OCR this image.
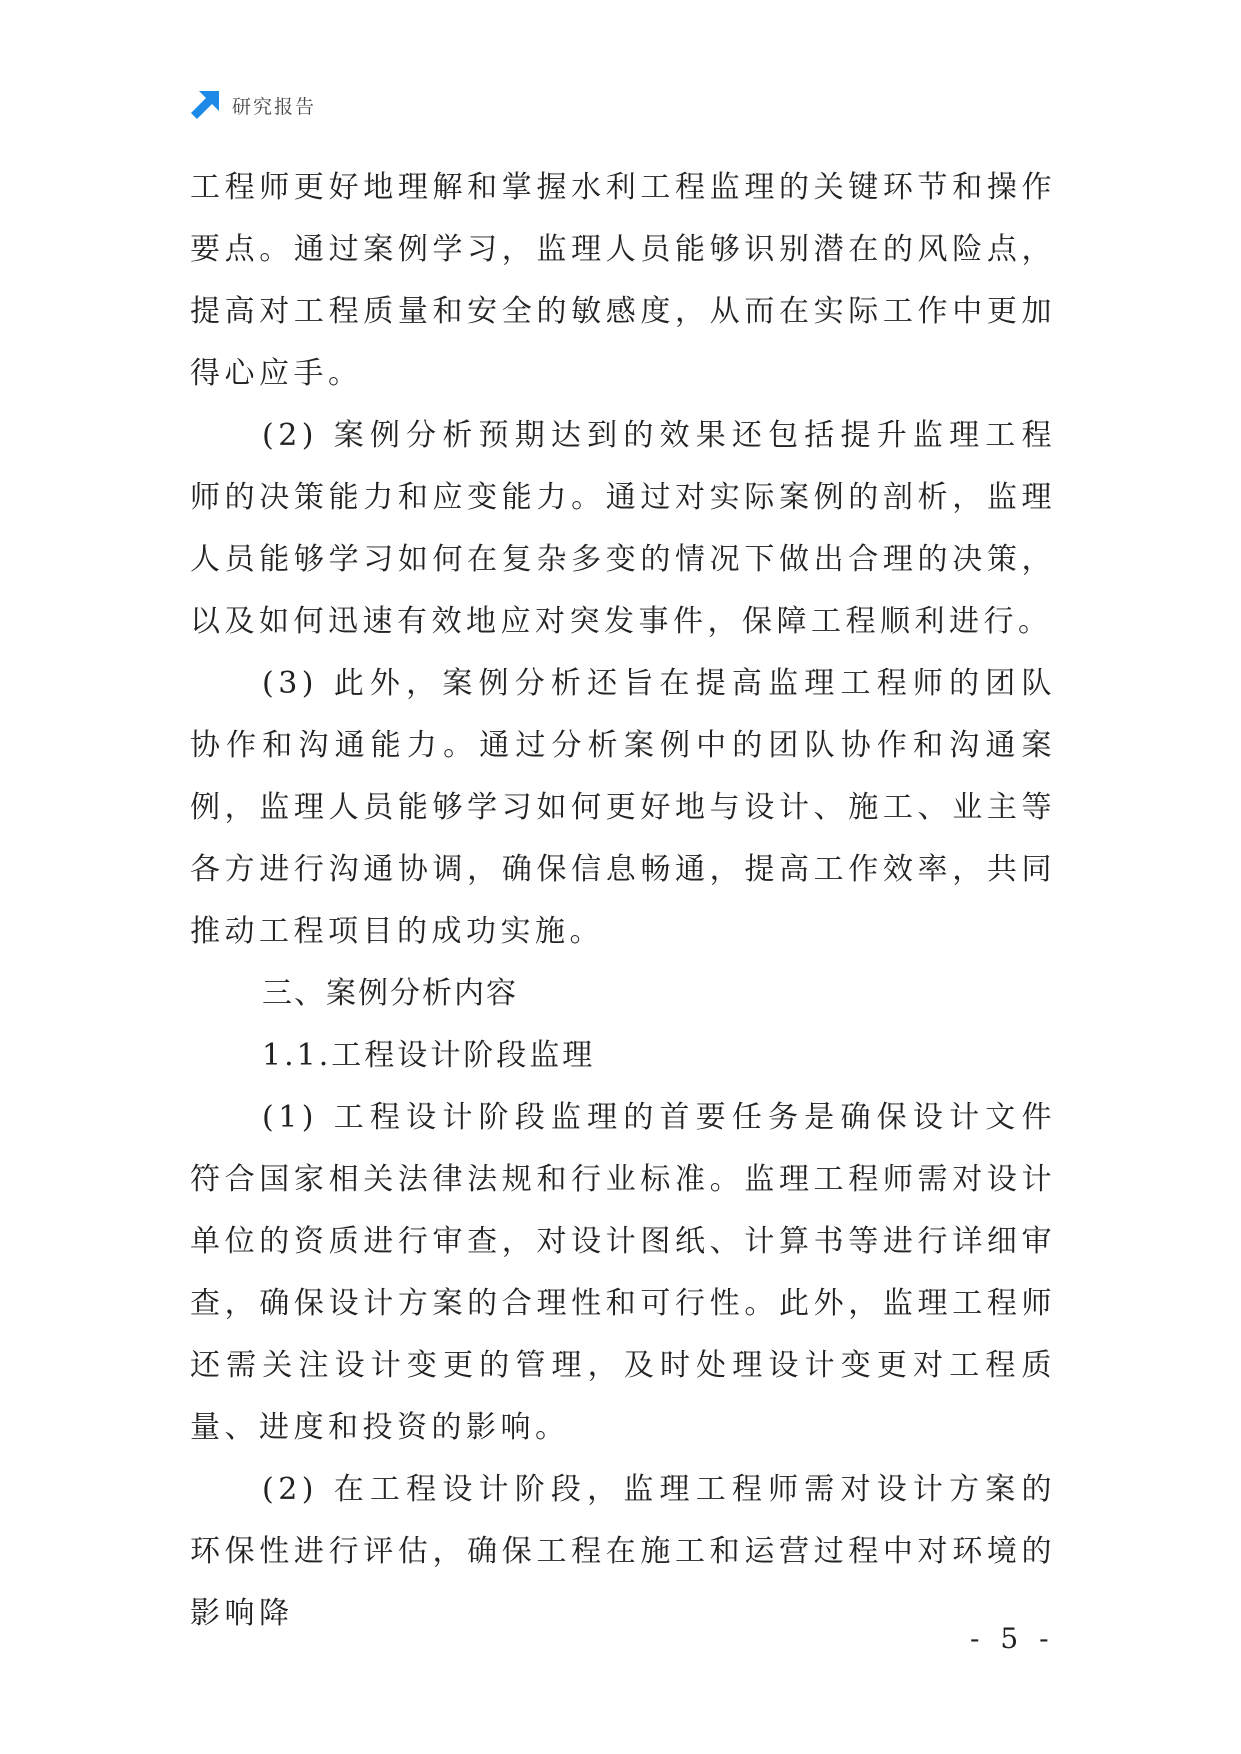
研究报告

工程师更好地理解和掌握水利工程监理的关键环节和操作要点。通过案例学习，监理人员能够识别潜在的风险点，提高对工程质量和安全的敏感度，从而在实际工作中更加得心应手。

(2) 案例分析预期达到的效果还包括提升监理工程师的决策能力和应变能力。通过对实际案例的剖析，监理人员能够学习如何在复杂多变的情况下做出合理的决策，以及如何迅速有效地应对突发事件，保障工程顺利进行。

(3) 此外，案例分析还旨在提高监理工程师的团队协作和沟通能力。通过分析案例中的团队协作和沟通案例，监理人员能够学习如何更好地与设计、施工、业主等各方进行沟通协调，确保信息畅通，提高工作效率，共同推动工程项目的成功实施。

三、案例分析内容

1.1.工程设计阶段监理

(1) 工程设计阶段监理的首要任务是确保设计文件符合国家相关法律法规和行业标准。监理工程师需对设计单位的资质进行审查，对设计图纸、计算书等进行详细审查，确保设计方案的合理性和可行性。此外，监理工程师还需关注设计变更的管理，及时处理设计变更对工程质量、进度和投资的影响。

(2) 在工程设计阶段，监理工程师需对设计方案的环保性进行评估，确保工程在施工和运营过程中对环境的影响降

- 5 -
